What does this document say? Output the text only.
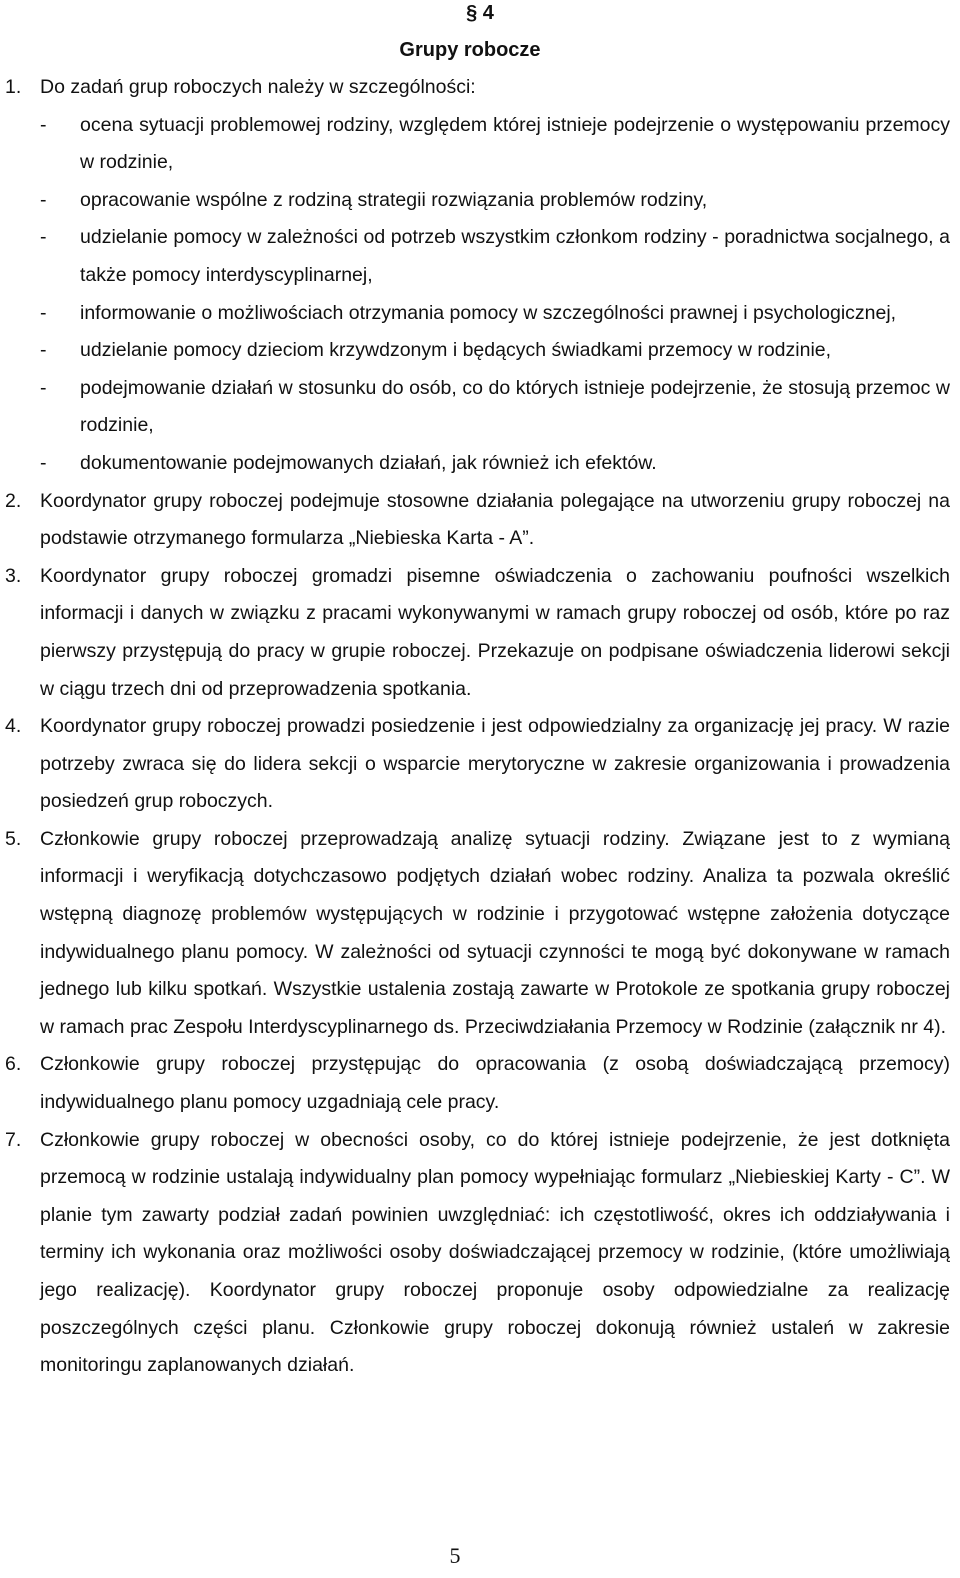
§ 4
Grupy robocze
1. Do zadań grup roboczych należy w szczególności:
- ocena sytuacji problemowej rodziny, względem której istnieje podejrzenie o występowaniu przemocy w rodzinie,
- opracowanie wspólne z rodziną strategii rozwiązania problemów rodziny,
- udzielanie pomocy w zależności od potrzeb wszystkim członkom rodziny - poradnictwa socjalnego, a także pomocy interdyscyplinarnej,
- informowanie o możliwościach otrzymania pomocy w szczególności prawnej i psychologicznej,
- udzielanie pomocy dzieciom krzywdzonym i będących świadkami przemocy w rodzinie,
- podejmowanie działań w stosunku do osób, co do których istnieje podejrzenie, że stosują przemoc w rodzinie,
- dokumentowanie podejmowanych działań, jak również ich efektów.
2. Koordynator grupy roboczej podejmuje stosowne działania polegające na utworzeniu grupy roboczej na podstawie otrzymanego formularza „Niebieska Karta - A”.
3. Koordynator grupy roboczej gromadzi pisemne oświadczenia o zachowaniu poufności wszelkich informacji i danych w związku z pracami wykonywanymi w ramach grupy roboczej od osób, które po raz pierwszy przystępują do pracy w grupie roboczej. Przekazuje on podpisane oświadczenia liderowi sekcji w ciągu trzech dni od przeprowadzenia spotkania.
4. Koordynator grupy roboczej prowadzi posiedzenie i jest odpowiedzialny za organizację jej pracy. W razie potrzeby zwraca się do lidera sekcji o wsparcie merytoryczne w zakresie organizowania i prowadzenia posiedzeń grup roboczych.
5. Członkowie grupy roboczej przeprowadzają analizę sytuacji rodziny. Związane jest to z wymianą informacji i weryfikacją dotychczasowo podjętych działań wobec rodziny. Analiza ta pozwala określić wstępną diagnozę problemów występujących w rodzinie i przygotować wstępne założenia dotyczące indywidualnego planu pomocy. W zależności od sytuacji czynności te mogą być dokonywane w ramach jednego lub kilku spotkań. Wszystkie ustalenia zostają zawarte w Protokole ze spotkania grupy roboczej w ramach prac Zespołu Interdyscyplinarnego ds. Przeciwdziałania Przemocy w Rodzinie (załącznik nr 4).
6. Członkowie grupy roboczej przystępując do opracowania (z osobą doświadczającą przemocy) indywidualnego planu pomocy uzgadniają cele pracy.
7. Członkowie grupy roboczej w obecności osoby, co do której istnieje podejrzenie, że jest dotknięta przemocą w rodzinie ustalają indywidualny plan pomocy wypełniając formularz „Niebieskiej Karty - C”. W planie tym zawarty podział zadań powinien uwzględniać: ich częstotliwość, okres ich oddziaływania i terminy ich wykonania oraz możliwości osoby doświadczającej przemocy w rodzinie, (które umożliwiają jego realizację). Koordynator grupy roboczej proponuje osoby odpowiedzialne za realizację poszczególnych części planu. Członkowie grupy roboczej dokonują również ustaleń w zakresie monitoringu zaplanowanych działań.
5
